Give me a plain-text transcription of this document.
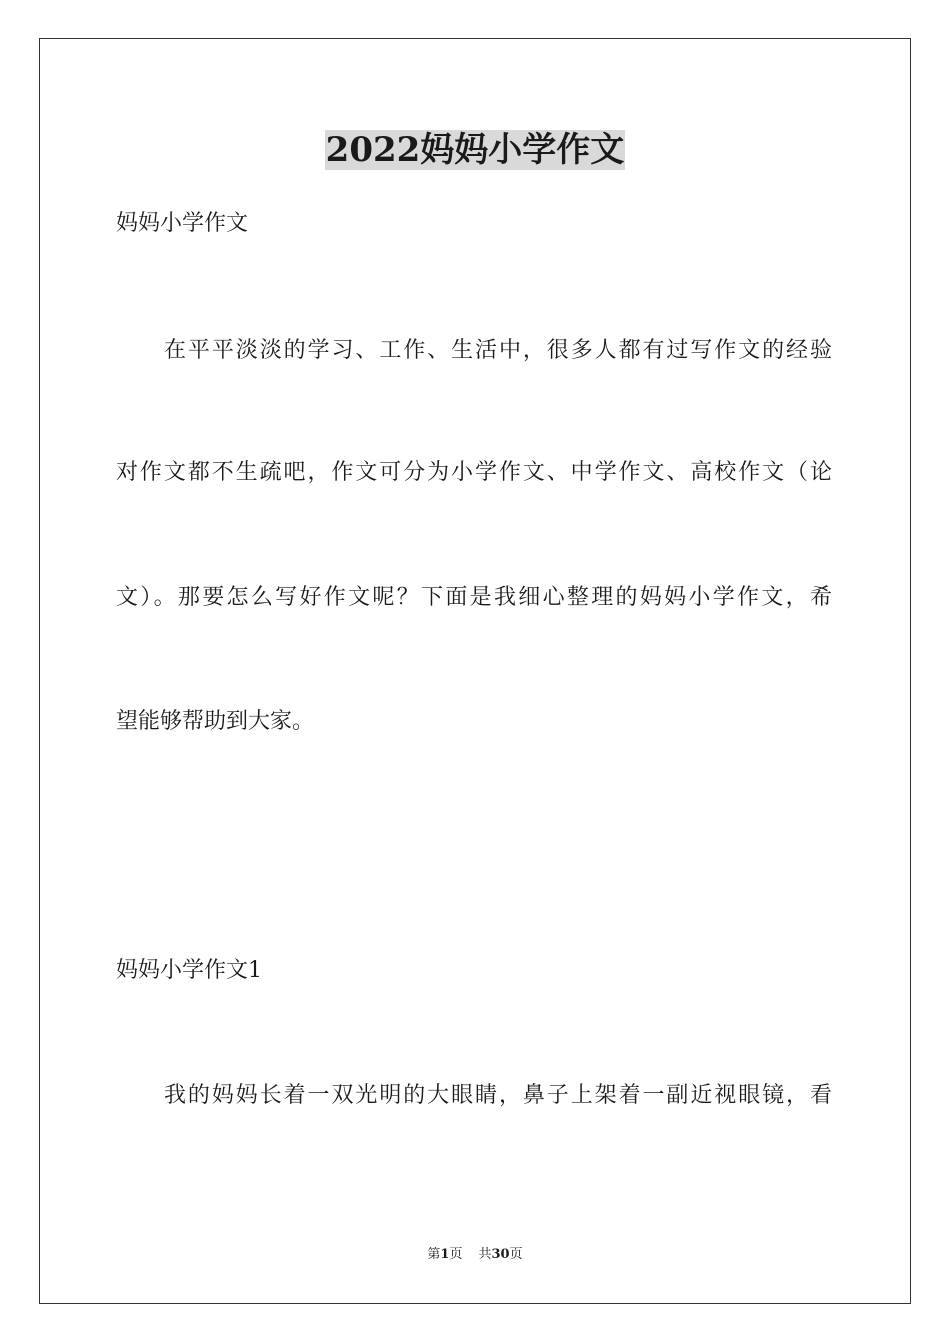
2022妈妈小学作文
妈妈小学作文
在平平淡淡的学习、工作、生活中，很多人都有过写作文的经验
对作文都不生疏吧，作文可分为小学作文、中学作文、高校作文（论
文）。那要怎么写好作文呢？下面是我细心整理的妈妈小学作文，希
望能够帮助到大家。
妈妈小学作文1
我的妈妈长着一双光明的大眼睛，鼻子上架着一副近视眼镜，看
第1页 共30页
